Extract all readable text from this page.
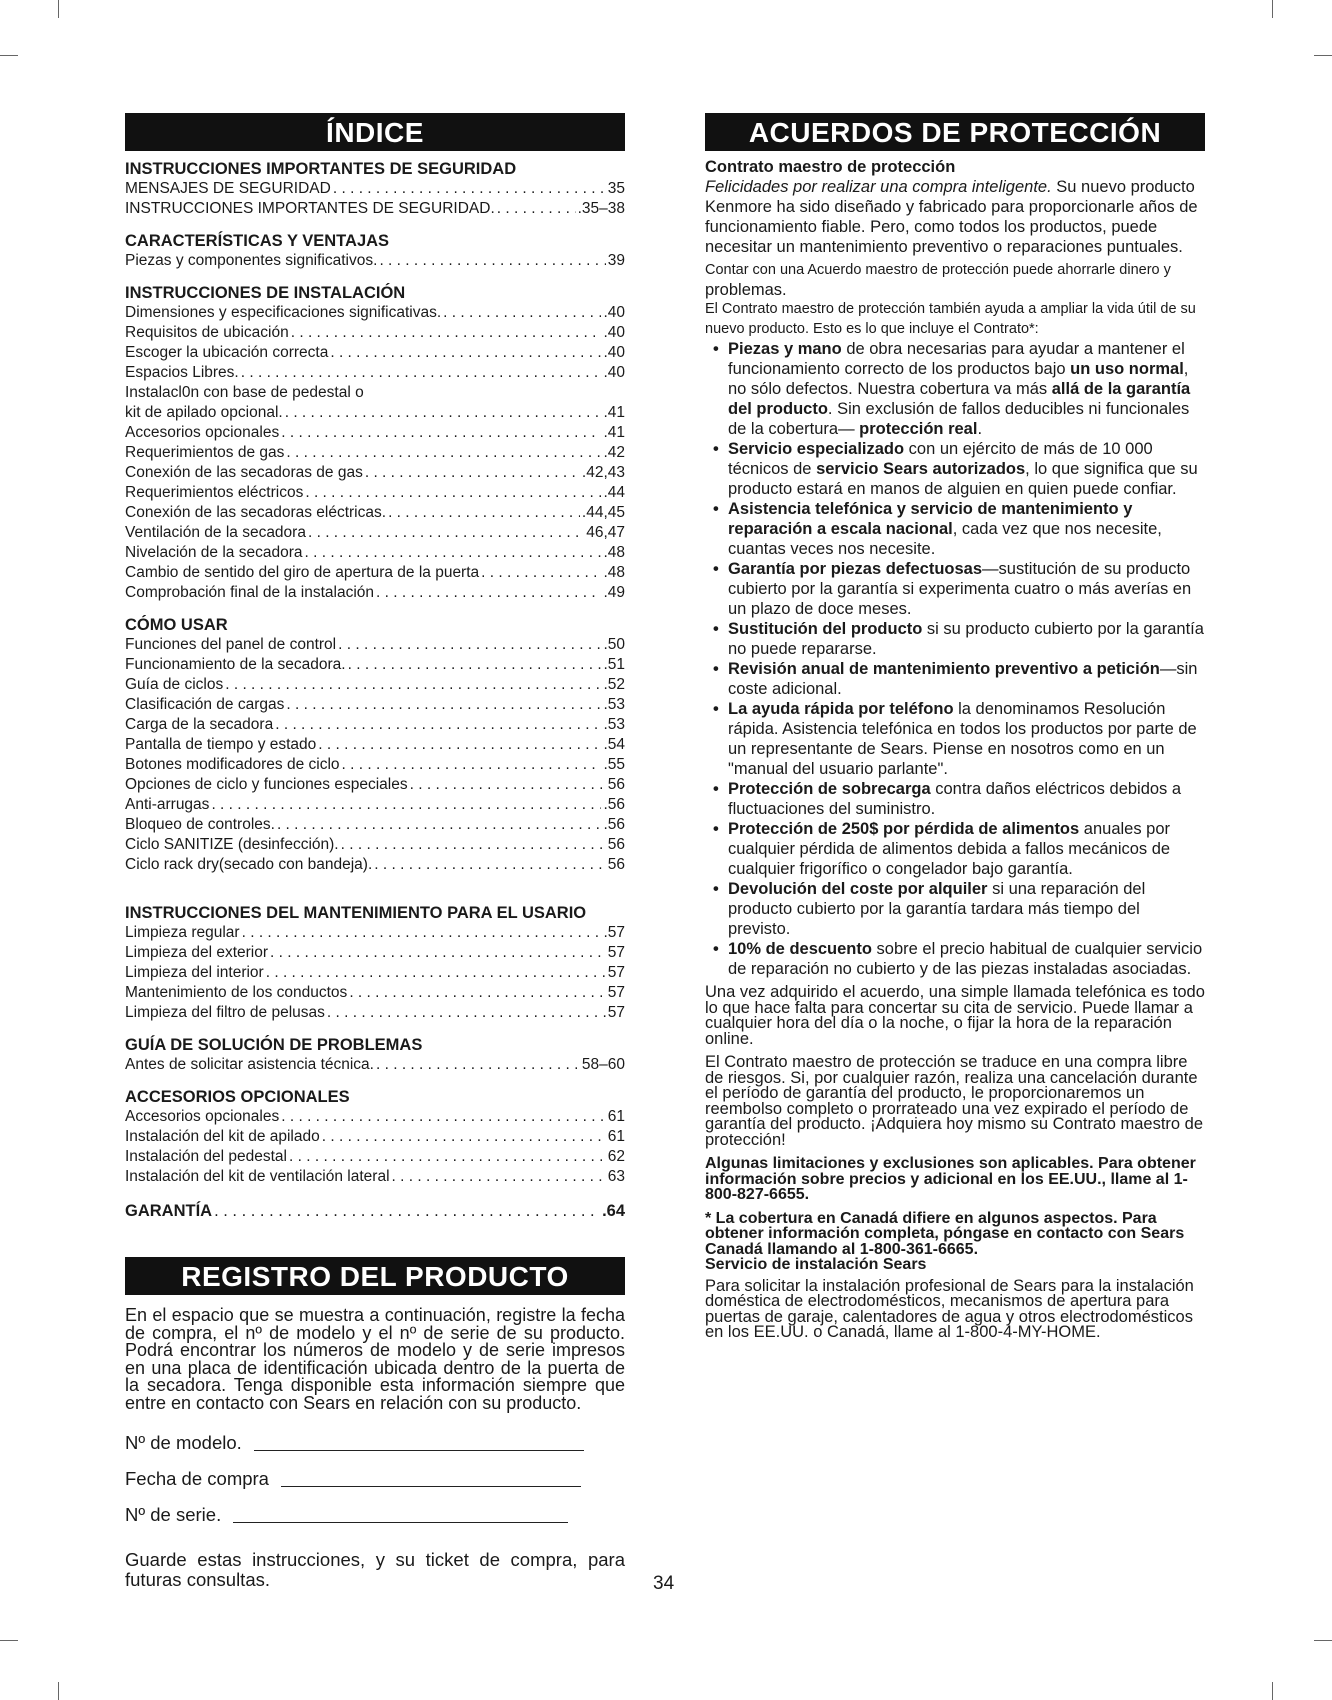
ÍNDICE
INSTRUCCIONES IMPORTANTES DE SEGURIDAD
MENSAJES DE SEGURIDAD . . .	35
INSTRUCCIONES IMPORTANTES DE SEGURIDAD. . . .	.35–38
CARACTERÍSTICAS Y VENTAJAS
Piezas y componentes significativos. . . .	39
INSTRUCCIONES DE INSTALACIÓN
Dimensiones y especificaciones significativas. . . .	.40
Requisitos de ubicación . . .	.40
Escoger la ubicación correcta . . .	.40
Espacios Libres. . . .	.40
Instalacl0n con base de pedestal o
kit de apilado opcional. . . .	.41
Accesorios opcionales . . .	.41
Requerimientos de gas . . .	.42
Conexión de las secadoras de gas . . .	.42,43
Requerimientos eléctricos . . .	.44
Conexión de las secadoras eléctricas. . . .	.44,45
Ventilación de la secadora . . .	46,47
Nivelación de la secadora . . .	.48
Cambio de sentido del giro de apertura de la puerta . . .	.48
Comprobación final de la instalación . . .	.49
CÓMO USAR
Funciones del panel de control . . .	.50
Funcionamiento de la secadora. . . .	.51
Guía de ciclos . . .	.52
Clasificación de cargas . . .	.53
Carga de la secadora . . .	.53
Pantalla de tiempo y estado . . .	.54
Botones modificadores de ciclo . . .	.55
Opciones de ciclo y funciones especiales . . .	56
Anti-arrugas . . .	.56
Bloqueo de controles. . . .	.56
Ciclo SANITIZE (desinfección). . . .	56
Ciclo rack dry(secado con bandeja). . . .	56
INSTRUCCIONES DEL MANTENIMIENTO PARA EL USARIO
Limpieza regular . . .	.57
Limpieza del exterior . . .	57
Limpieza del interior . . .	57
Mantenimiento de los conductos . . .	57
Limpieza del filtro de pelusas . . .	57
GUÍA DE SOLUCIÓN DE PROBLEMAS
Antes de solicitar asistencia técnica. . . .	58–60
ACCESORIOS OPCIONALES
Accesorios opcionales . . .	61
Instalación del kit de apilado . . .	61
Instalación del pedestal . . .	62
Instalación del kit de ventilación lateral . . .	63
GARANTÍA . . .	.64
REGISTRO DEL PRODUCTO
En el espacio que se muestra a continuación, registre la fecha de compra, el nº de modelo y el nº de serie de su producto. Podrá encontrar los números de modelo y de serie impresos en una placa de identificación ubicada dentro de la puerta de la secadora. Tenga disponible esta información siempre que entre en contacto con Sears en relación con su producto.
Nº de modelo.
Fecha de compra
Nº de serie.
Guarde estas instrucciones, y su ticket de compra, para futuras consultas.	34
ACUERDOS DE PROTECCIÓN
Contrato maestro de protección
Felicidades por realizar una compra inteligente. Su nuevo producto Kenmore ha sido diseñado y fabricado para proporcionarle años de funcionamiento fiable. Pero, como todos los productos, puede necesitar un mantenimiento preventivo o reparaciones puntuales. Contar con una Acuerdo maestro de protección puede ahorrarle dinero y
problemas.
El Contrato maestro de protección también ayuda a ampliar la vida útil de su nuevo producto. Esto es lo que incluye el Contrato*:
• Piezas y mano de obra necesarias para ayudar a mantener el funcionamiento correcto de los productos bajo un uso normal, no sólo defectos. Nuestra cobertura va más allá de la garantía del producto. Sin exclusión de fallos deducibles ni funcionales de la cobertura— protección real.
• Servicio especializado con un ejército de más de 10 000 técnicos de servicio Sears autorizados, lo que significa que su producto estará en manos de alguien en quien puede confiar.
• Asistencia telefónica y servicio de mantenimiento y reparación a escala nacional, cada vez que nos necesite, cuantas veces nos necesite.
• Garantía por piezas defectuosas—sustitución de su producto cubierto por la garantía si experimenta cuatro o más averías en un plazo de doce meses.
• Sustitución del producto si su producto cubierto por la garantía no puede repararse.
• Revisión anual de mantenimiento preventivo a petición—sin coste adicional.
• La ayuda rápida por teléfono la denominamos Resolución rápida. Asistencia telefónica en todos los productos por parte de un representante de Sears. Piense en nosotros como en un "manual del usuario parlante".
• Protección de sobrecarga contra daños eléctricos debidos a fluctuaciones del suministro.
• Protección de 250$ por pérdida de alimentos anuales por cualquier pérdida de alimentos debida a fallos mecánicos de cualquier frigorífico o congelador bajo garantía.
• Devolución del coste por alquiler si una reparación del producto cubierto por la garantía tardara más tiempo del previsto.
• 10% de descuento sobre el precio habitual de cualquier servicio de reparación no cubierto y de las piezas instaladas asociadas.
Una vez adquirido el acuerdo, una simple llamada telefónica es todo lo que hace falta para concertar su cita de servicio. Puede llamar a cualquier hora del día o la noche, o fijar la hora de la reparación online.
El Contrato maestro de protección se traduce en una compra libre de riesgos. Si, por cualquier razón, realiza una cancelación durante el período de garantía del producto, le proporcionaremos un reembolso completo o prorrateado una vez expirado el período de garantía del producto. ¡Adquiera hoy mismo su Contrato maestro de protección!
Algunas limitaciones y exclusiones son aplicables. Para obtener información sobre precios y adicional en los EE.UU., llame al 1-800-827-6655.
* La cobertura en Canadá difiere en algunos aspectos. Para obtener información completa, póngase en contacto con Sears Canadá llamando al 1-800-361-6665.
Servicio de instalación Sears
Para solicitar la instalación profesional de Sears para la instalación doméstica de electrodomésticos, mecanismos de apertura para puertas de garaje, calentadores de agua y otros electrodomésticos en los EE.UU. o Canadá, llame al 1-800-4-MY-HOME.
